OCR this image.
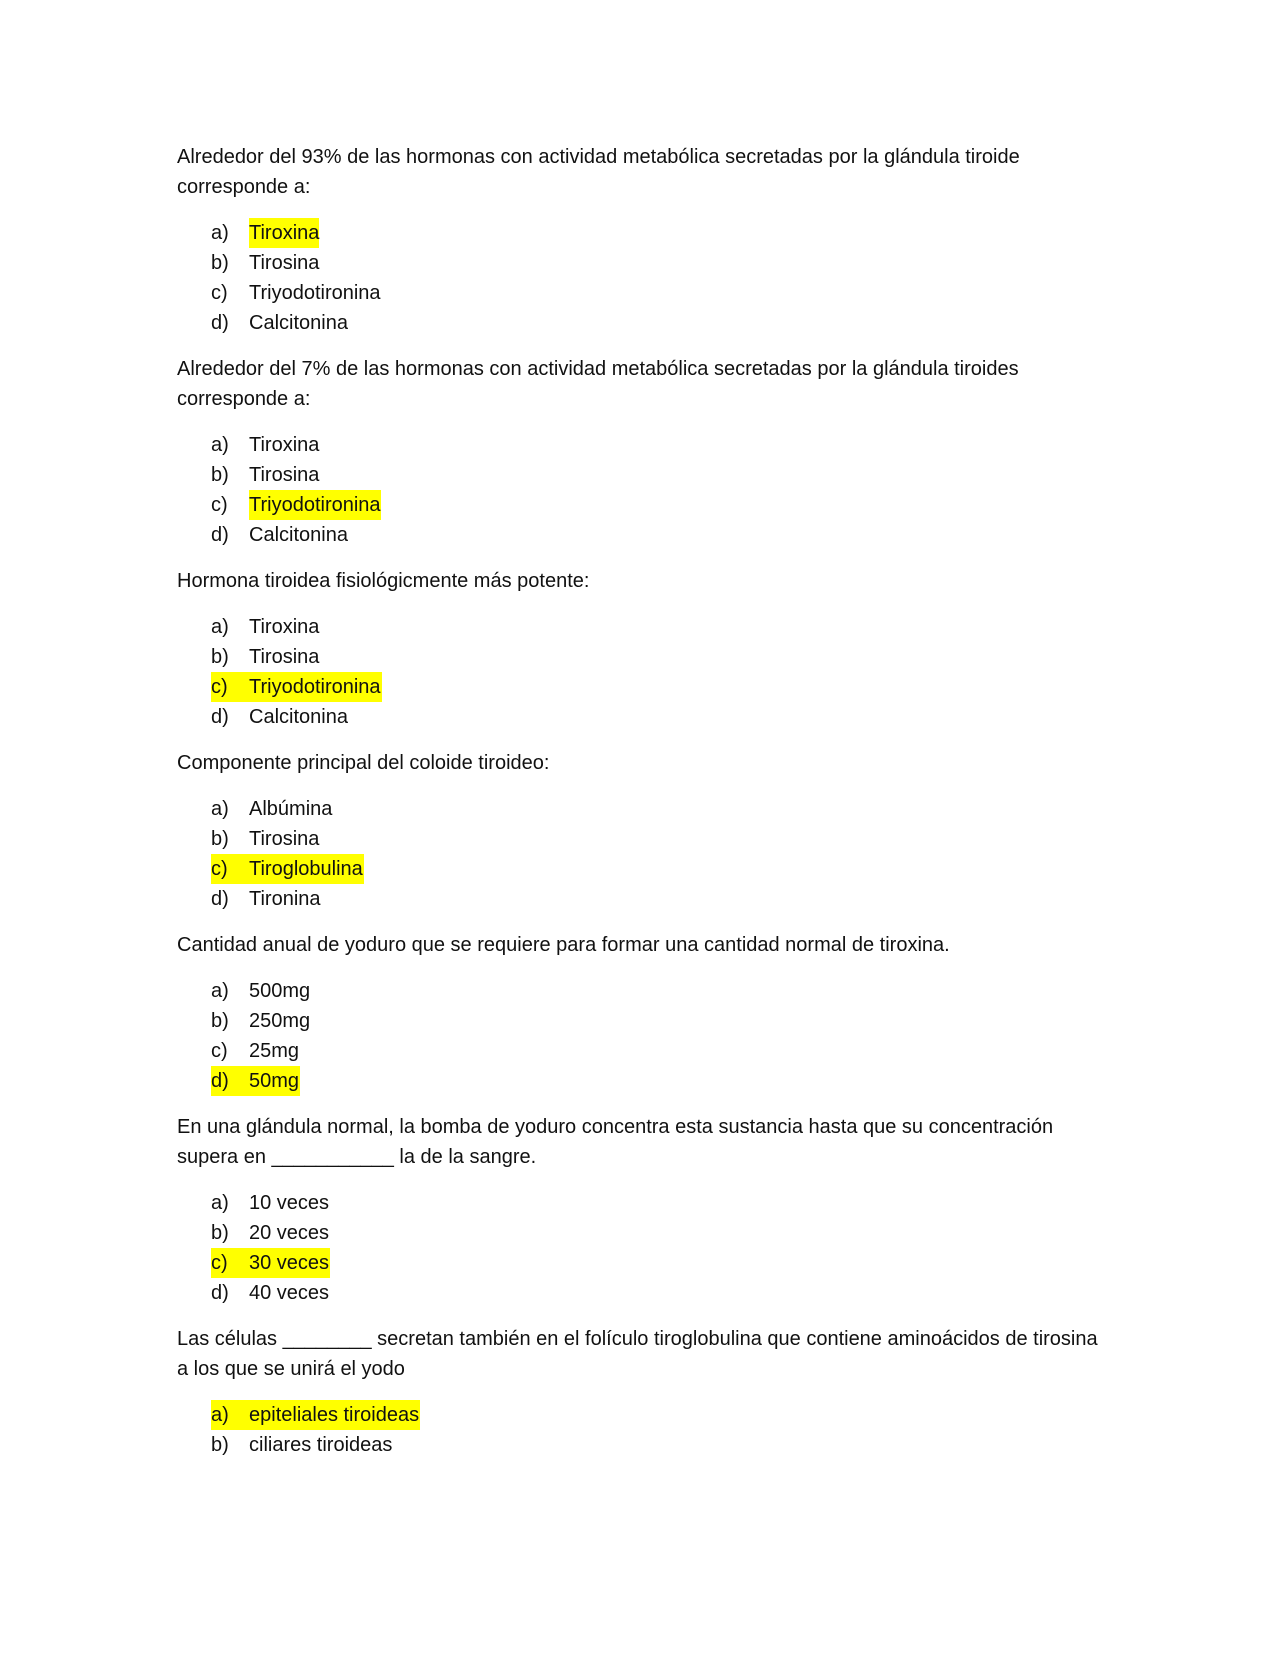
Alrededor del 93% de las hormonas con actividad metabólica secretadas por la glándula tiroide corresponde a:

a) Tiroxina
b) Tirosina
c) Triyodotironina
d) Calcitonina

Alrededor del 7% de las hormonas con actividad metabólica secretadas por la glándula tiroides corresponde a:

a) Tiroxina
b) Tirosina
c) Triyodotironina
d) Calcitonina

Hormona tiroidea fisiológicmente más potente:

a) Tiroxina
b) Tirosina
c) Triyodotironina
d) Calcitonina

Componente principal del coloide tiroideo:

a) Albúmina
b) Tirosina
c) Tiroglobulina
d) Tironina

Cantidad anual de yoduro que se requiere para formar una cantidad normal de tiroxina.

a) 500mg
b) 250mg
c) 25mg
d) 50mg

En una glándula normal, la bomba de yoduro concentra esta sustancia hasta que su concentración supera en ___________ la de la sangre.

a) 10 veces
b) 20 veces
c) 30 veces
d) 40 veces

Las células ________ secretan también en el folículo tiroglobulina que contiene aminoácidos de tirosina a los que se unirá el yodo

a) epiteliales tiroideas
b) ciliares tiroideas
